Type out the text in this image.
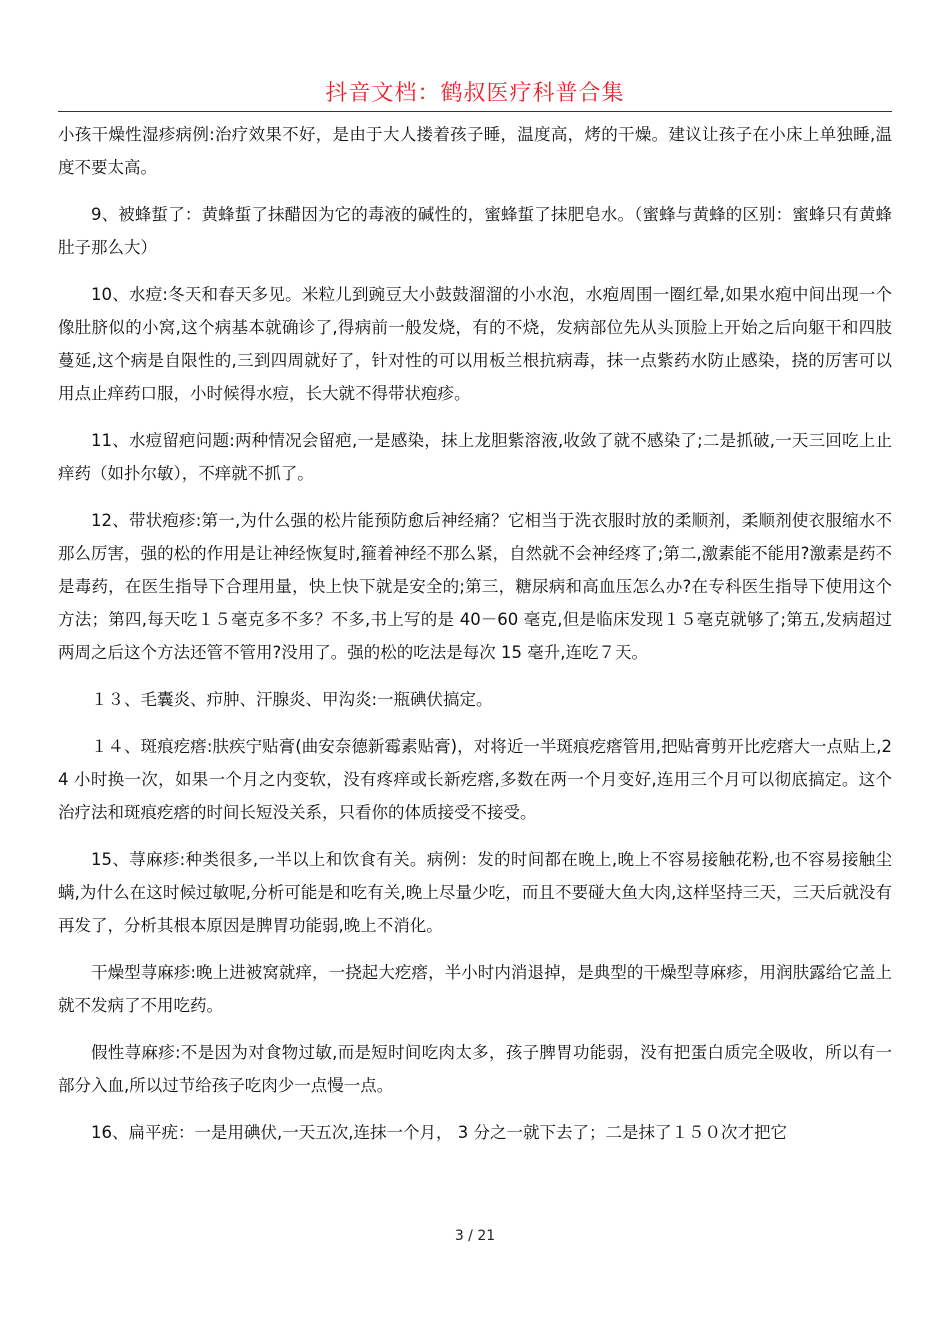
抖音文档：鹤叔医疗科普合集

小孩干燥性湿疹病例:治疗效果不好，是由于大人搂着孩子睡，温度高，烤的干燥。建议让孩子在小床上单独睡,温度不要太高。

9、被蜂蜇了：黄蜂蜇了抹醋因为它的毒液的碱性的，蜜蜂蜇了抹肥皂水。（蜜蜂与黄蜂的区别：蜜蜂只有黄蜂肚子那么大）

10、水痘:冬天和春天多见。米粒儿到豌豆大小鼓鼓溜溜的小水泡，水疱周围一圈红晕,如果水疱中间出现一个像肚脐似的小窝,这个病基本就确诊了,得病前一般发烧，有的不烧，发病部位先从头顶脸上开始之后向躯干和四肢蔓延,这个病是自限性的,三到四周就好了，针对性的可以用板兰根抗病毒，抹一点紫药水防止感染，挠的厉害可以用点止痒药口服，小时候得水痘，长大就不得带状疱疹。

11、水痘留疤问题:两种情况会留疤,一是感染，抹上龙胆紫溶液,收敛了就不感染了;二是抓破,一天三回吃上止痒药（如扑尔敏），不痒就不抓了。

12、带状疱疹:第一,为什么强的松片能预防愈后神经痛？它相当于洗衣服时放的柔顺剂，柔顺剂使衣服缩水不那么厉害，强的松的作用是让神经恢复时,箍着神经不那么紧，自然就不会神经疼了;第二,激素能不能用?激素是药不是毒药，在医生指导下合理用量，快上快下就是安全的;第三，糖尿病和高血压怎么办?在专科医生指导下使用这个方法；第四,每天吃１５毫克多不多？不多,书上写的是 40－60 毫克,但是临床发现１５毫克就够了;第五,发病超过两周之后这个方法还管不管用?没用了。强的松的吃法是每次 15 毫升,连吃７天。

１３、毛囊炎、疖肿、汗腺炎、甲沟炎:一瓶碘伏搞定。

１４、斑痕疙瘩:肤疾宁贴膏(曲安奈德新霉素贴膏)，对将近一半斑痕疙瘩管用,把贴膏剪开比疙瘩大一点贴上,24 小时换一次，如果一个月之内变软，没有疼痒或长新疙瘩,多数在两一个月变好,连用三个月可以彻底搞定。这个治疗法和斑痕疙瘩的时间长短没关系，只看你的体质接受不接受。

15、荨麻疹:种类很多,一半以上和饮食有关。病例：发的时间都在晚上,晚上不容易接触花粉,也不容易接触尘螨,为什么在这时候过敏呢,分析可能是和吃有关,晚上尽量少吃，而且不要碰大鱼大肉,这样坚持三天，三天后就没有再发了，分析其根本原因是脾胃功能弱,晚上不消化。

干燥型荨麻疹:晚上进被窝就痒，一挠起大疙瘩，半小时内消退掉，是典型的干燥型荨麻疹，用润肤露给它盖上就不发病了不用吃药。

假性荨麻疹:不是因为对食物过敏,而是短时间吃肉太多，孩子脾胃功能弱，没有把蛋白质完全吸收，所以有一部分入血,所以过节给孩子吃肉少一点慢一点。

16、扁平疣：一是用碘伏,一天五次,连抹一个月， 3 分之一就下去了；二是抹了１５０次才把它

3 / 21
